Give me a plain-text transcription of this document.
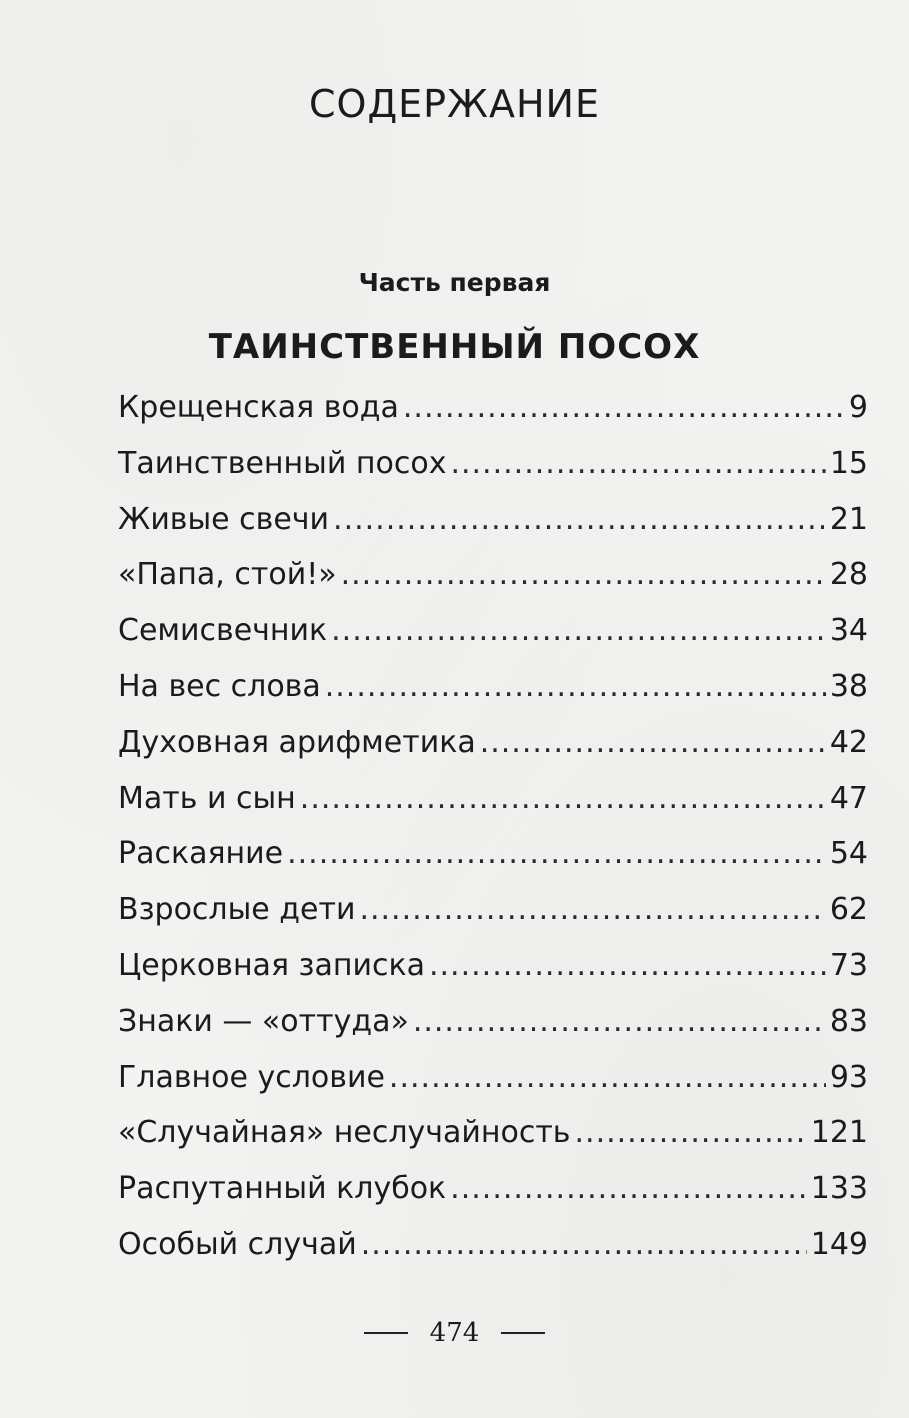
СОДЕРЖАНИЕ
Часть первая
ТАИНСТВЕННЫЙ ПОСОХ
Крещенская вода .....	9
Таинственный посох .....	15
Живые свечи .....	21
«Папа, стой!» .....	28
Семисвечник .....	34
На вес слова .....	38
Духовная арифметика .....	42
Мать и сын .....	47
Раскаяние .....	54
Взрослые дети .....	62
Церковная записка .....	73
Знаки — «оттуда» .....	83
Главное условие .....	93
«Случайная» неслучайность .....	121
Распутанный клубок .....	133
Особый случай .....	149
474
